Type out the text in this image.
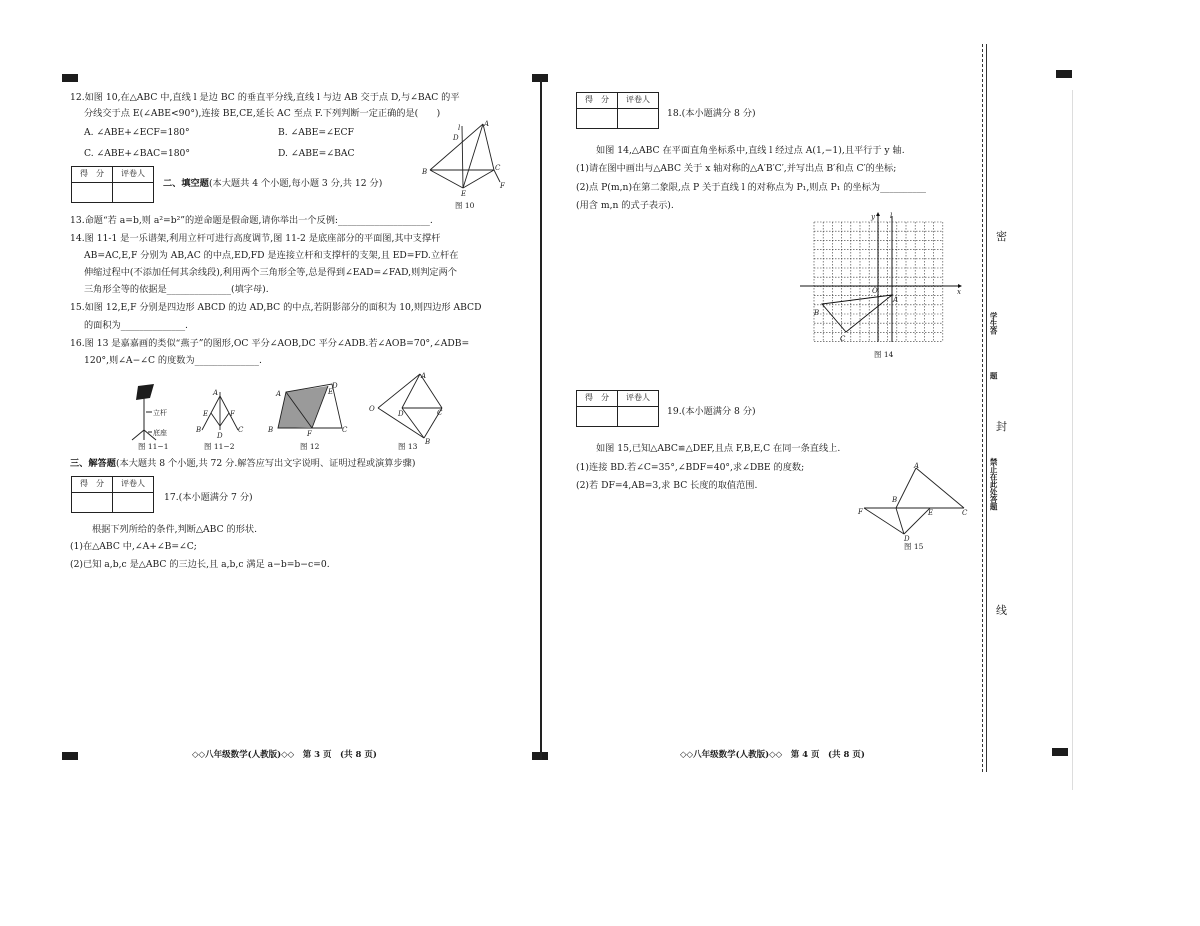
12.如图 10,在△ABC 中,直线 l 是边 BC 的垂直平分线,直线 l 与边 AB 交于点 D,与∠BAC 的平
分线交于点 E(∠ABE<90°),连接 BE,CE,延长 AC 至点 F.下列判断一定正确的是(　　)
A. ∠ABE+∠ECF=180°	B. ∠ABE=∠ECF
C. ∠ABE+∠BAC=180°	D. ∠ABE=∠BAC
A
B	C
D
E
F
l
图 10
得　分	评卷人

二、填空题(本大题共 4 个小题,每小题 3 分,共 12 分)
13.命题“若 a=b,则 a²=b²”的逆命题是假命题,请你举出一个反例:____________________.
14.图 11-1 是一乐谱架,利用立杆可进行高度调节,图 11-2 是底座部分的平面图,其中支撑杆
AB=AC,E,F 分别为 AB,AC 的中点,ED,FD 是连接立杆和支撑杆的支架,且 ED=FD.立杆在
伸缩过程中(不添加任何其余线段),利用两个三角形全等,总是得到∠EAD=∠FAD,则判定两个
三角形全等的依据是______________(填字母).
15.如图 12,E,F 分别是四边形 ABCD 的边 AD,BC 的中点,若阴影部分的面积为 10,则四边形 ABCD
的面积为______________.
16.图 13 是嘉嘉画的类似“燕子”的图形,OC 平分∠AOB,DC 平分∠ADB.若∠AOB=70°,∠ADB=
120°,则∠A−∠C 的度数为______________.
立杆
底座
图 11−1
A
E	F
D
B	C
图 11−2
B
A
D
E
C
F
图 12
A
O
D	C
B
图 13
三、解答题(本大题共 8 个小题,共 72 分.解答应写出文字说明、证明过程或演算步骤)
得　分	评卷人

17.(本小题满分 7 分)
根据下列所给的条件,判断△ABC 的形状.
(1)在△ABC 中,∠A+∠B=∠C;
(2)已知 a,b,c 是△ABC 的三边长,且 a,b,c 满足 a−b=b−c=0.
◇◇八年级数学(人教版)◇◇　第 3 页　(共 8 页)
得　分	评卷人

18.(本小题满分 8 分)
如图 14,△ABC 在平面直角坐标系中,直线 l 经过点 A(1,−1),且平行于 y 轴.
(1)请在图中画出与△ABC 关于 x 轴对称的△A′B′C′,并写出点 B′和点 C′的坐标;
(2)点 P(m,n)在第二象限,点 P 关于直线 l 的对称点为 P₁,则点 P₁ 的坐标为__________
(用含 m,n 的式子表示).
x
y l
O
A
B
C
图 14
得　分	评卷人

19.(本小题满分 8 分)
如图 15,已知△ABC≌△DEF,且点 F,B,E,C 在同一条直线上.
(1)连接 BD.若∠C=35°,∠BDF=40°,求∠DBE 的度数;
(2)若 DF=4,AB=3,求 BC 长度的取值范围.
A
F
B
E	C
D
图 15
◇◇八年级数学(人教版)◇◇　第 4 页　(共 8 页)
密
封
线
学生答
题
禁止在此处答题
